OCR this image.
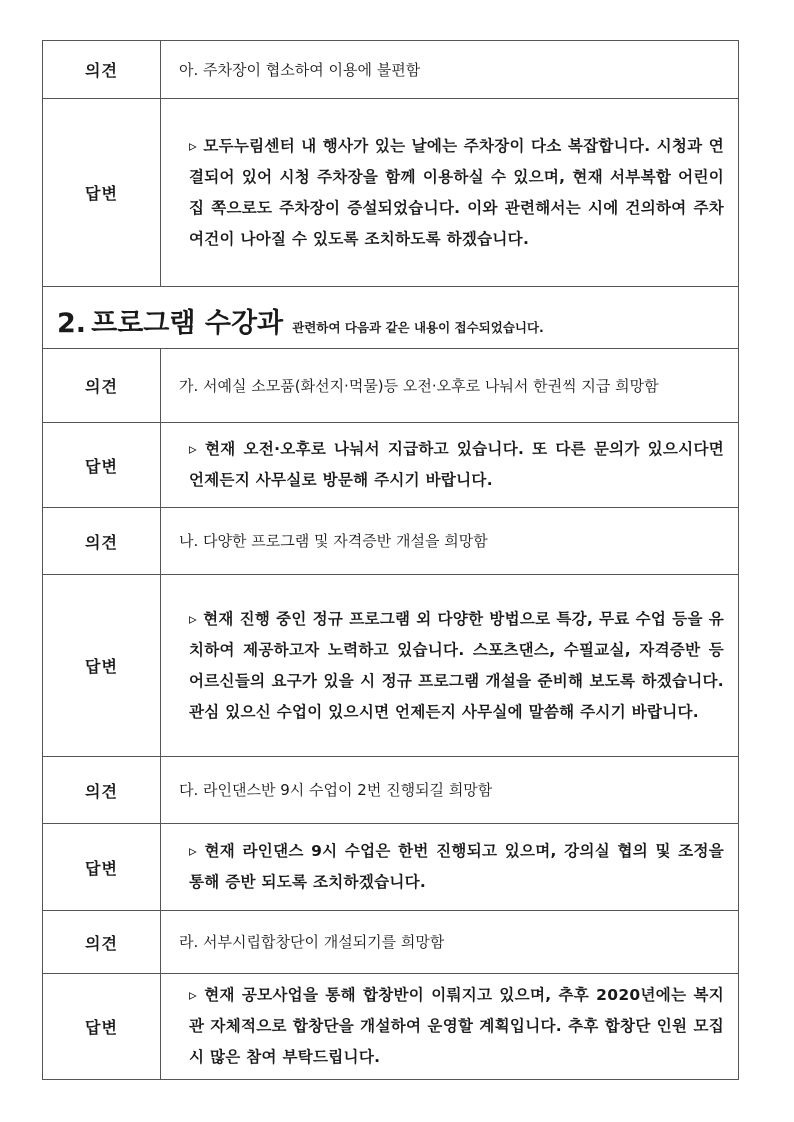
의견	아. 주차장이 협소하여 이용에 불편함
답변	▹ 모두누림센터 내 행사가 있는 날에는 주차장이 다소 복잡합니다. 시청과 연결되어 있어 시청 주차장을 함께 이용하실 수 있으며, 현재 서부복합 어린이집 쪽으로도 주차장이 증설되었습니다. 이와 관련해서는 시에 건의하여 주차 여건이 나아질 수 있도록 조치하도록 하겠습니다.
2. 프로그램 수강과 관련하여 다음과 같은 내용이 접수되었습니다.
의견	가. 서예실 소모품(화선지·먹물)등 오전·오후로 나눠서 한권씩 지급 희망함

답변	▹ 현재 오전·오후로 나눠서 지급하고 있습니다. 또 다른 문의가 있으시다면 언제든지 사무실로 방문해 주시기 바랍니다.
의견	나. 다양한 프로그램 및 자격증반 개설을 희망함
답변	▹ 현재 진행 중인 정규 프로그램 외 다양한 방법으로 특강, 무료 수업 등을 유치하여 제공하고자 노력하고 있습니다. 스포츠댄스, 수필교실, 자격증반 등 어르신들의 요구가 있을 시 정규 프로그램 개설을 준비해 보도록 하겠습니다. 관심 있으신 수업이 있으시면 언제든지 사무실에 말씀해 주시기 바랍니다.
의견	다. 라인댄스반 9시 수업이 2번 진행되길 희망함
답변	▹ 현재 라인댄스 9시 수업은 한번 진행되고 있으며, 강의실 협의 및 조정을 통해 증반 되도록 조치하겠습니다.
의견	라. 서부시립합창단이 개설되기를 희망함
답변	▹ 현재 공모사업을 통해 합창반이 이뤄지고 있으며, 추후 2020년에는 복지관 자체적으로 합창단을 개설하여 운영할 계획입니다. 추후 합창단 인원 모집시 많은 참여 부탁드립니다.
